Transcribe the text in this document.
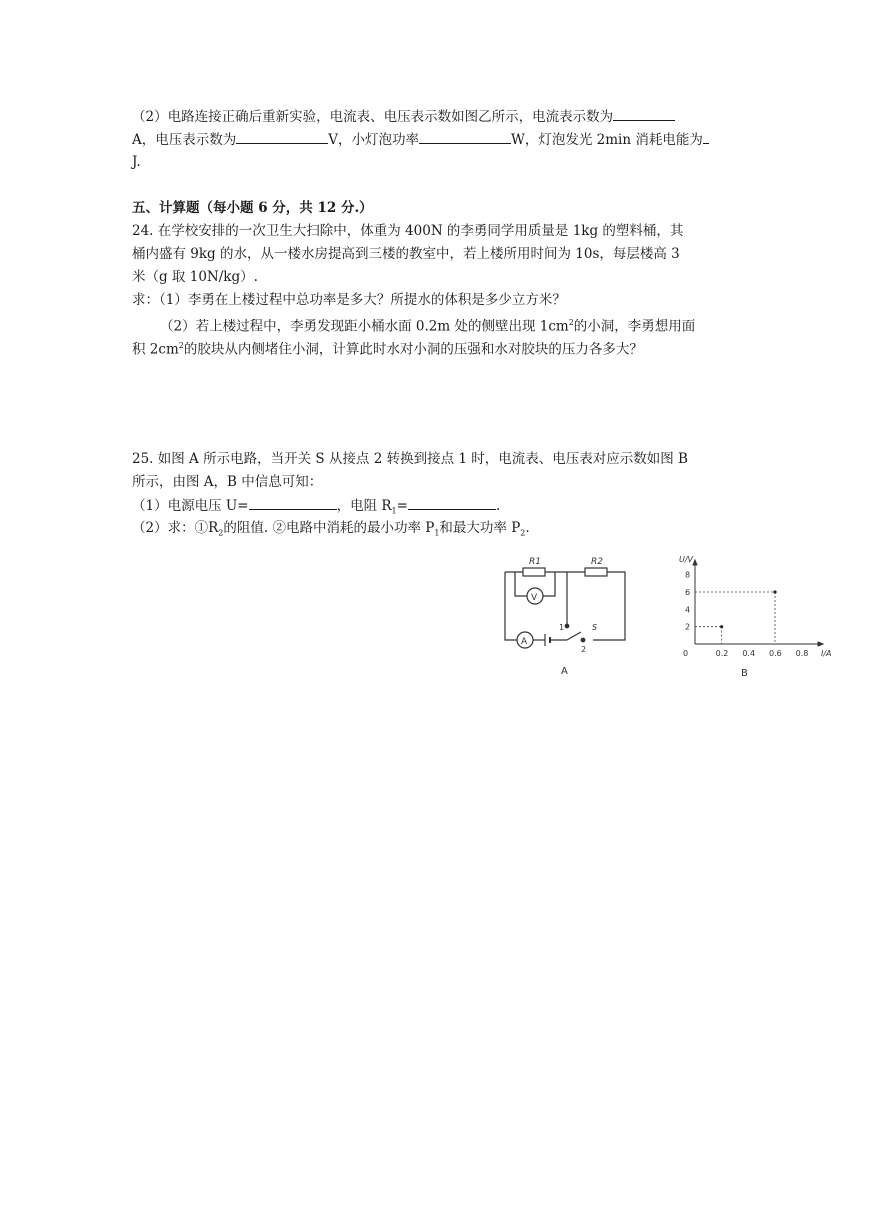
（2）电路连接正确后重新实验，电流表、电压表示数如图乙所示，电流表示数为
A，电压表示数为	V，小灯泡功率	W，灯泡发光 2min 消耗电能为
J.
五、计算题（每小题 6 分，共 12 分.）
24. 在学校安排的一次卫生大扫除中，体重为 400N 的李勇同学用质量是 1kg 的塑料桶，其
桶内盛有 9kg 的水，从一楼水房提高到三楼的教室中，若上楼所用时间为 10s，每层楼高 3
米（g 取 10N/kg）.
求：（1）李勇在上楼过程中总功率是多大？所提水的体积是多少立方米？
（2）若上楼过程中，李勇发现距小桶水面 0.2m 处的侧壁出现 $1cm^2$的小洞，李勇想用面
积 $2cm^2$的胶块从内侧堵住小洞，计算此时水对小洞的压强和水对胶块的压力各多大？
25. 如图 A 所示电路，当开关 S 从接点 2 转换到接点 1 时，电流表、电压表对应示数如图 B
所示，由图 A，B 中信息可知：
（1）电源电压 U=	，电阻 $R_1=$	.
（2）求：$①R_2$的阻值. ②电路中消耗的最小功率 $P_1$和最大功率 $P_2$.
R1	R2
V
A
S
1
2
A
0	0.2 0.4 0.6 0.8
2
4
6
8
U/V
I/A
B
